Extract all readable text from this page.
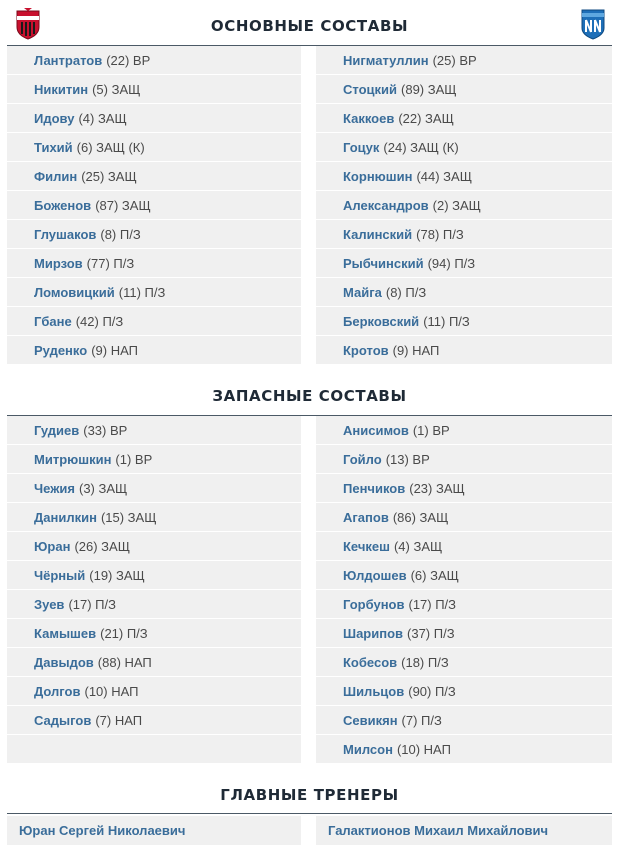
ОСНОВНЫЕ СОСТАВЫ
Лантратов (22) ВР
Никитин (5) ЗАЩ
Идову (4) ЗАЩ
Тихий (6) ЗАЩ (К)
Филин (25) ЗАЩ
Боженов (87) ЗАЩ
Глушаков (8) П/З
Мирзов (77) П/З
Ломовицкий (11) П/З
Гбане (42) П/З
Руденко (9) НАП
Нигматуллин (25) ВР
Стоцкий (89) ЗАЩ
Каккоев (22) ЗАЩ
Гоцук (24) ЗАЩ (К)
Корнюшин (44) ЗАЩ
Александров (2) ЗАЩ
Калинский (78) П/З
Рыбчинский (94) П/З
Майга (8) П/З
Берковский (11) П/З
Кротов (9) НАП
ЗАПАСНЫЕ СОСТАВЫ
Гудиев (33) ВР
Митрюшкин (1) ВР
Чежия (3) ЗАЩ
Данилкин (15) ЗАЩ
Юран (26) ЗАЩ
Чёрный (19) ЗАЩ
Зуев (17) П/З
Камышев (21) П/З
Давыдов (88) НАП
Долгов (10) НАП
Садыгов (7) НАП
Анисимов (1) ВР
Гойло (13) ВР
Пенчиков (23) ЗАЩ
Агапов (86) ЗАЩ
Кечкеш (4) ЗАЩ
Юлдошев (6) ЗАЩ
Горбунов (17) П/З
Шарипов (37) П/З
Кобесов (18) П/З
Шильцов (90) П/З
Севикян (7) П/З
Милсон (10) НАП
ГЛАВНЫЕ ТРЕНЕРЫ
Юран Сергей Николаевич	Галактионов Михаил Михайлович
